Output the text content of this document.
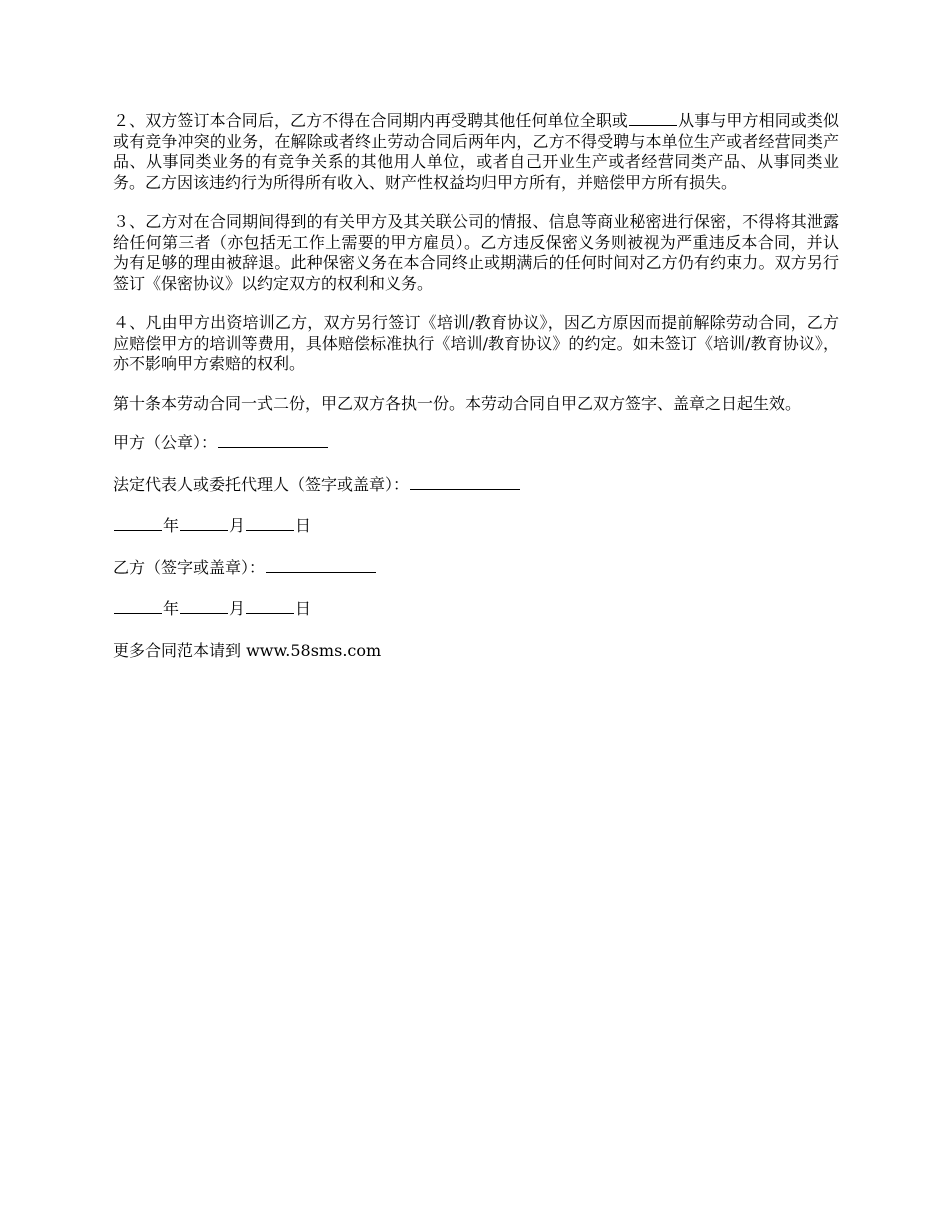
２、双方签订本合同后，乙方不得在合同期内再受聘其他任何单位全职或	从事与甲方相同或类似或有竞争冲突的业务，在解除或者终止劳动合同后两年内，乙方不得受聘与本单位生产或者经营同类产品、从事同类业务的有竞争关系的其他用人单位，或者自己开业生产或者经营同类产品、从事同类业务。乙方因该违约行为所得所有收入、财产性权益均归甲方所有，并赔偿甲方所有损失。

３、乙方对在合同期间得到的有关甲方及其关联公司的情报、信息等商业秘密进行保密，不得将其泄露给任何第三者（亦包括无工作上需要的甲方雇员）。乙方违反保密义务则被视为严重违反本合同，并认为有足够的理由被辞退。此种保密义务在本合同终止或期满后的任何时间对乙方仍有约束力。双方另行签订《保密协议》以约定双方的权利和义务。

４、凡由甲方出资培训乙方，双方另行签订《培训/教育协议》，因乙方原因而提前解除劳动合同，乙方应赔偿甲方的培训等费用，具体赔偿标准执行《培训/教育协议》的约定。如未签订《培训/教育协议》，亦不影响甲方索赔的权利。

第十条本劳动合同一式二份，甲乙双方各执一份。本劳动合同自甲乙双方签字、盖章之日起生效。

甲方（公章）：
法定代表人或委托代理人（签字或盖章）：
年	月	日
乙方（签字或盖章）：
年	月	日
更多合同范本请到 www.58sms.com
